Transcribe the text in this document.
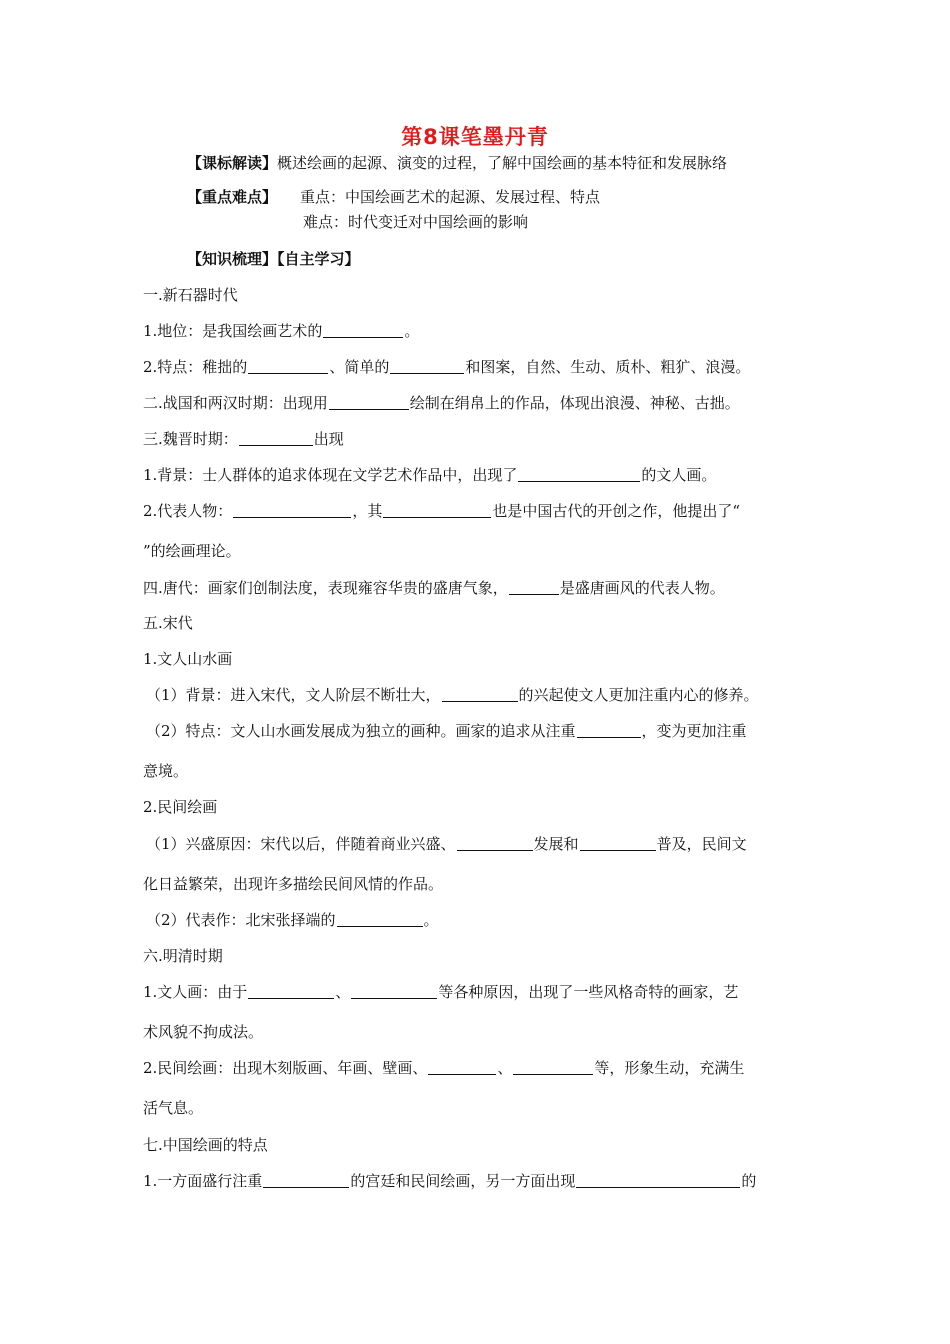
第8课笔墨丹青
【课标解读】概述绘画的起源、演变的过程，了解中国绘画的基本特征和发展脉络
【重点难点】 重点：中国绘画艺术的起源、发展过程、特点
难点：时代变迁对中国绘画的影响
【知识梳理】【自主学习】
一.新石器时代
1.地位：是我国绘画艺术的	。
2.特点：稚拙的	、简单的	和图案，自然、生动、质朴、粗犷、浪漫。
二.战国和两汉时期：出现用	绘制在绢帛上的作品，体现出浪漫、神秘、古拙。
三.魏晋时期：	出现
1.背景：士人群体的追求体现在文学艺术作品中，出现了	的文人画。
2.代表人物：	，其	也是中国古代的开创之作，他提出了“
”的绘画理论。
四.唐代：画家们创制法度，表现雍容华贵的盛唐气象，	是盛唐画风的代表人物。
五.宋代
1.文人山水画
（1）背景：进入宋代，文人阶层不断壮大，	的兴起使文人更加注重内心的修养。
（2）特点：文人山水画发展成为独立的画种。画家的追求从注重	，变为更加注重
意境。
2.民间绘画
（1）兴盛原因：宋代以后，伴随着商业兴盛、	发展和	普及，民间文
化日益繁荣，出现许多描绘民间风情的作品。
（2）代表作：北宋张择端的	。
六.明清时期
1.文人画：由于	、	等各种原因，出现了一些风格奇特的画家，艺
术风貌不拘成法。
2.民间绘画：出现木刻版画、年画、壁画、	、	等，形象生动，充满生
活气息。
七.中国绘画的特点
1.一方面盛行注重	的宫廷和民间绘画，另一方面出现	的
